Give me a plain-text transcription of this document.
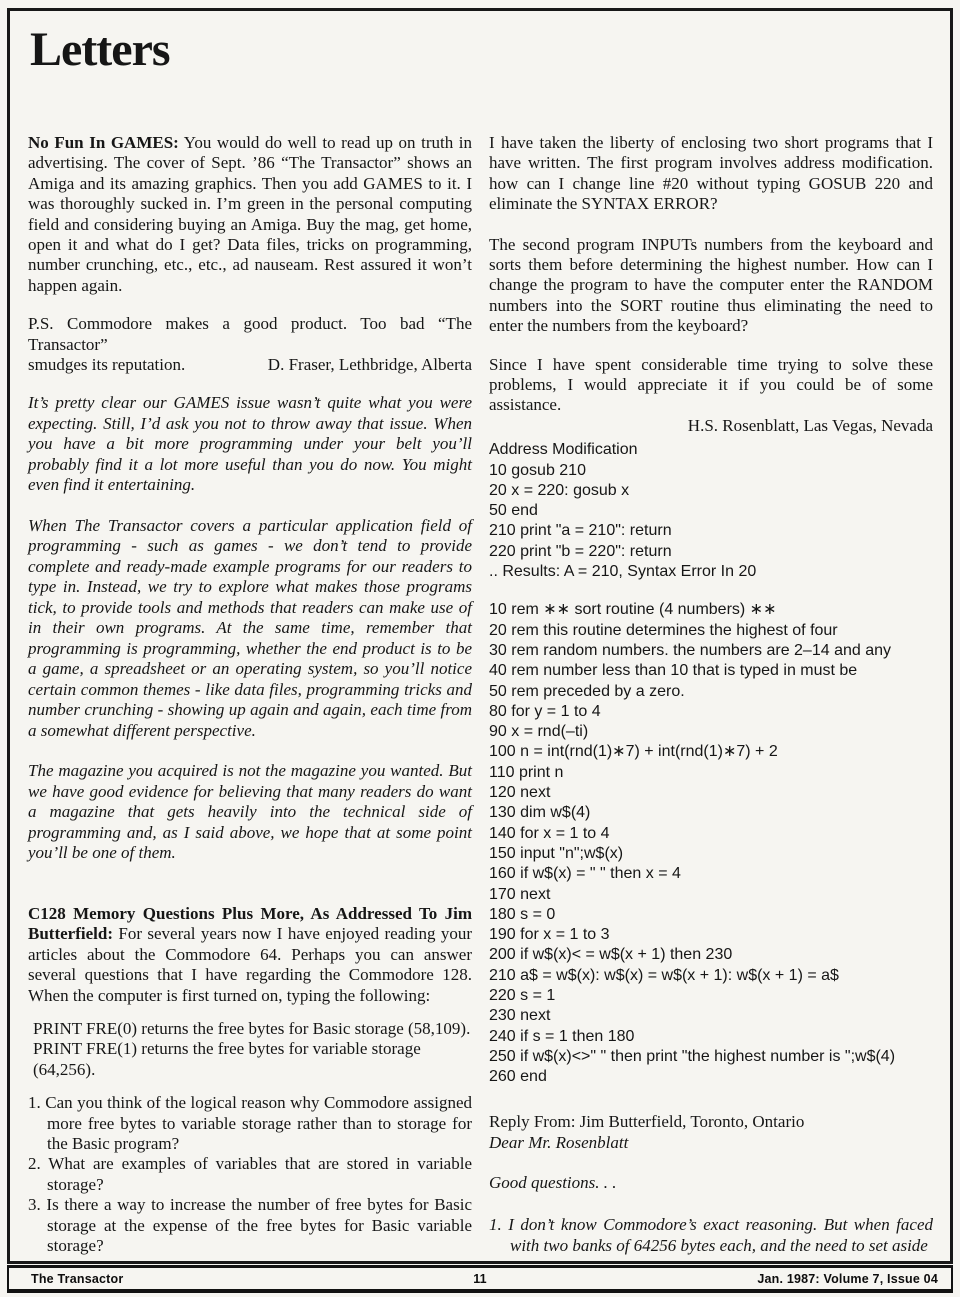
Letters

No Fun In GAMES: You would do well to read up on truth in advertising. The cover of Sept. ’86 “The Transactor” shows an Amiga and its amazing graphics. Then you add GAMES to it. I was thoroughly sucked in. I’m green in the personal computing field and considering buying an Amiga. Buy the mag, get home, open it and what do I get? Data files, tricks on programming, number crunching, etc., etc., ad nauseam. Rest assured it won’t happen again.

P.S. Commodore makes a good product. Too bad “The Transactor”
smudges its reputation.	D. Fraser, Lethbridge, Alberta

It’s pretty clear our GAMES issue wasn’t quite what you were expecting. Still, I’d ask you not to throw away that issue. When you have a bit more programming under your belt you’ll probably find it a lot more useful than you do now. You might even find it entertaining.

When The Transactor covers a particular application field of programming - such as games - we don’t tend to provide complete and ready-made example programs for our readers to type in. Instead, we try to explore what makes those programs tick, to provide tools and methods that readers can make use of in their own programs. At the same time, remember that programming is programming, whether the end product is to be a game, a spreadsheet or an operating system, so you’ll notice certain common themes - like data files, programming tricks and number crunching - showing up again and again, each time from a somewhat different perspective.

The magazine you acquired is not the magazine you wanted. But we have good evidence for believing that many readers do want a magazine that gets heavily into the technical side of programming and, as I said above, we hope that at some point you’ll be one of them.

C128 Memory Questions Plus More, As Addressed To Jim Butterfield: For several years now I have enjoyed reading your articles about the Commodore 64. Perhaps you can answer several questions that I have regarding the Commodore 128. When the computer is first turned on, typing the following:

PRINT FRE(0) returns the free bytes for Basic storage (58,109).
PRINT FRE(1) returns the free bytes for variable storage (64,256).
1. Can you think of the logical reason why Commodore assigned more free bytes to variable storage rather than to storage for the Basic program?
2. What are examples of variables that are stored in variable storage?
3. Is there a way to increase the number of free bytes for Basic storage at the expense of the free bytes for Basic variable storage?

I have taken the liberty of enclosing two short programs that I have written. The first program involves address modification. how can I change line #20 without typing GOSUB 220 and eliminate the SYNTAX ERROR?

The second program INPUTs numbers from the keyboard and sorts them before determining the highest number. How can I change the program to have the computer enter the RANDOM numbers into the SORT routine thus eliminating the need to enter the numbers from the keyboard?

Since I have spent considerable time trying to solve these problems, I would appreciate it if you could be of some assistance.

H.S. Rosenblatt, Las Vegas, Nevada
Address Modification
10 gosub 210
20 x = 220: gosub x
50 end
210 print "a = 210": return
220 print "b = 220": return
.. Results: A = 210, Syntax Error In 20
10 rem ∗∗ sort routine (4 numbers) ∗∗
20 rem this routine determines the highest of four
30 rem random numbers. the numbers are 2–14 and any
40 rem number less than 10 that is typed in must be
50 rem preceded by a zero.
80 for y = 1 to 4
90 x = rnd(–ti)
100 n = int(rnd(1)∗7) + int(rnd(1)∗7) + 2
110 print n
120 next
130 dim w$(4)
140 for x = 1 to 4
150 input "n";w$(x)
160 if w$(x) = " " then x = 4
170 next
180 s = 0
190 for x = 1 to 3
200 if w$(x)< = w$(x + 1) then 230
210 a$ = w$(x): w$(x) = w$(x + 1): w$(x + 1) = a$
220 s = 1
230 next
240 if s = 1 then 180
250 if w$(x)<>" " then print "the highest number is ";w$(4)
260 end

Reply From: Jim Butterfield, Toronto, Ontario

Dear Mr. Rosenblatt

Good questions. . .

1. I don’t know Commodore’s exact reasoning. But when faced with two banks of 64256 bytes each, and the need to set aside

11
The Transactor	Jan. 1987: Volume 7, Issue 04
